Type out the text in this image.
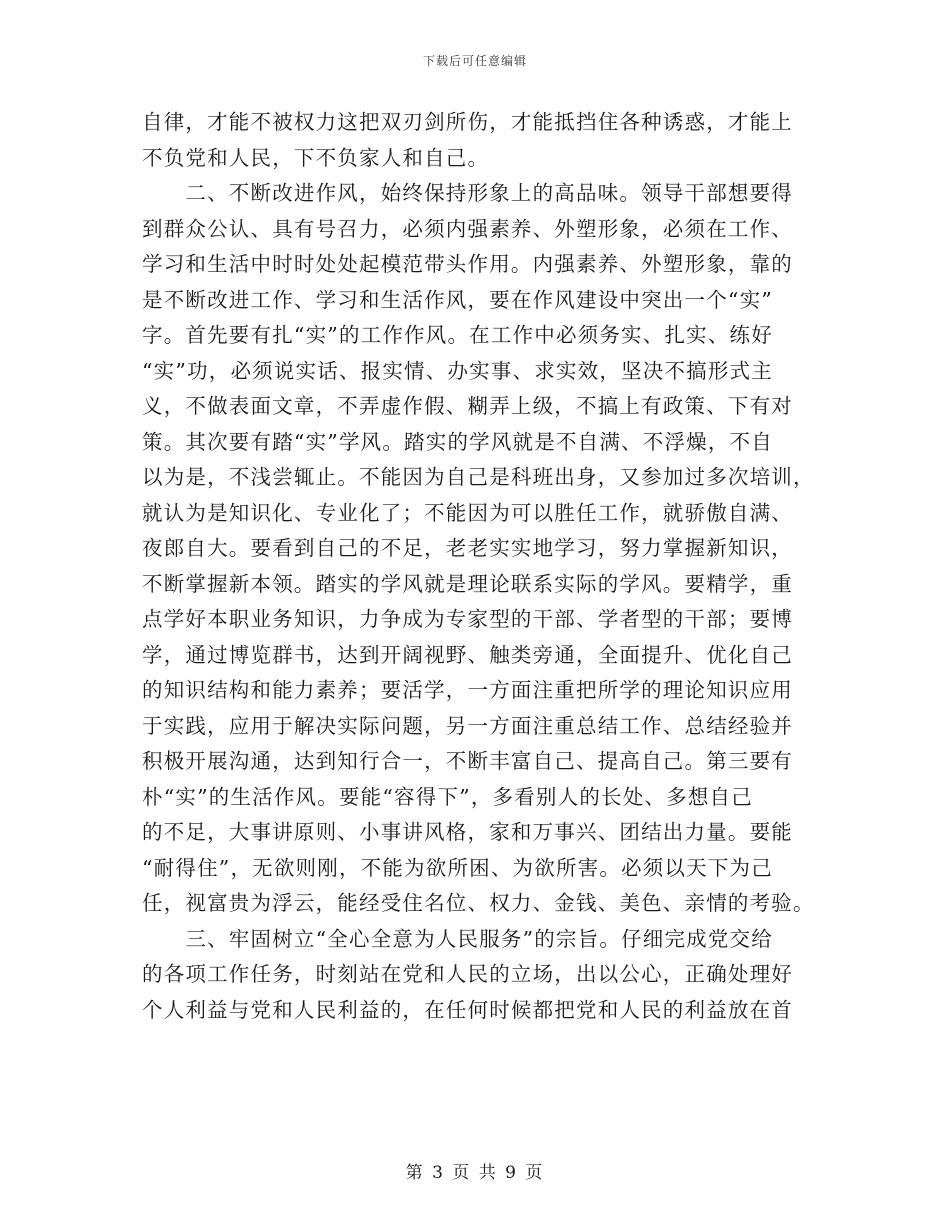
下载后可任意编辑
自律，才能不被权力这把双刃剑所伤，才能抵挡住各种诱惑，才能上
不负党和人民，下不负家人和自己。
　　二、不断改进作风，始终保持形象上的高品味。领导干部想要得
到群众公认、具有号召力，必须内强素养、外塑形象，必须在工作、
学习和生活中时时处处起模范带头作用。内强素养、外塑形象，靠的
是不断改进工作、学习和生活作风，要在作风建设中突出一个“实”
字。首先要有扎“实”的工作作风。在工作中必须务实、扎实、练好
“实”功，必须说实话、报实情、办实事、求实效，坚决不搞形式主
义，不做表面文章，不弄虚作假、糊弄上级，不搞上有政策、下有对
策。其次要有踏“实”学风。踏实的学风就是不自满、不浮燥，不自
以为是，不浅尝辄止。不能因为自己是科班出身，又参加过多次培训，
就认为是知识化、专业化了；不能因为可以胜任工作，就骄傲自满、
夜郎自大。要看到自己的不足，老老实实地学习，努力掌握新知识，
不断掌握新本领。踏实的学风就是理论联系实际的学风。要精学，重
点学好本职业务知识，力争成为专家型的干部、学者型的干部；要博
学，通过博览群书，达到开阔视野、触类旁通，全面提升、优化自己
的知识结构和能力素养；要活学，一方面注重把所学的理论知识应用
于实践，应用于解决实际问题，另一方面注重总结工作、总结经验并
积极开展沟通，达到知行合一，不断丰富自己、提高自己。第三要有
朴“实”的生活作风。要能“容得下”，多看别人的长处、多想自己
的不足，大事讲原则、小事讲风格，家和万事兴、团结出力量。要能
“耐得住”，无欲则刚，不能为欲所困、为欲所害。必须以天下为己
任，视富贵为浮云，能经受住名位、权力、金钱、美色、亲情的考验。
　　三、牢固树立“全心全意为人民服务”的宗旨。仔细完成党交给
的各项工作任务，时刻站在党和人民的立场，出以公心，正确处理好
个人利益与党和人民利益的，在任何时候都把党和人民的利益放在首
第 3 页 共 9 页
